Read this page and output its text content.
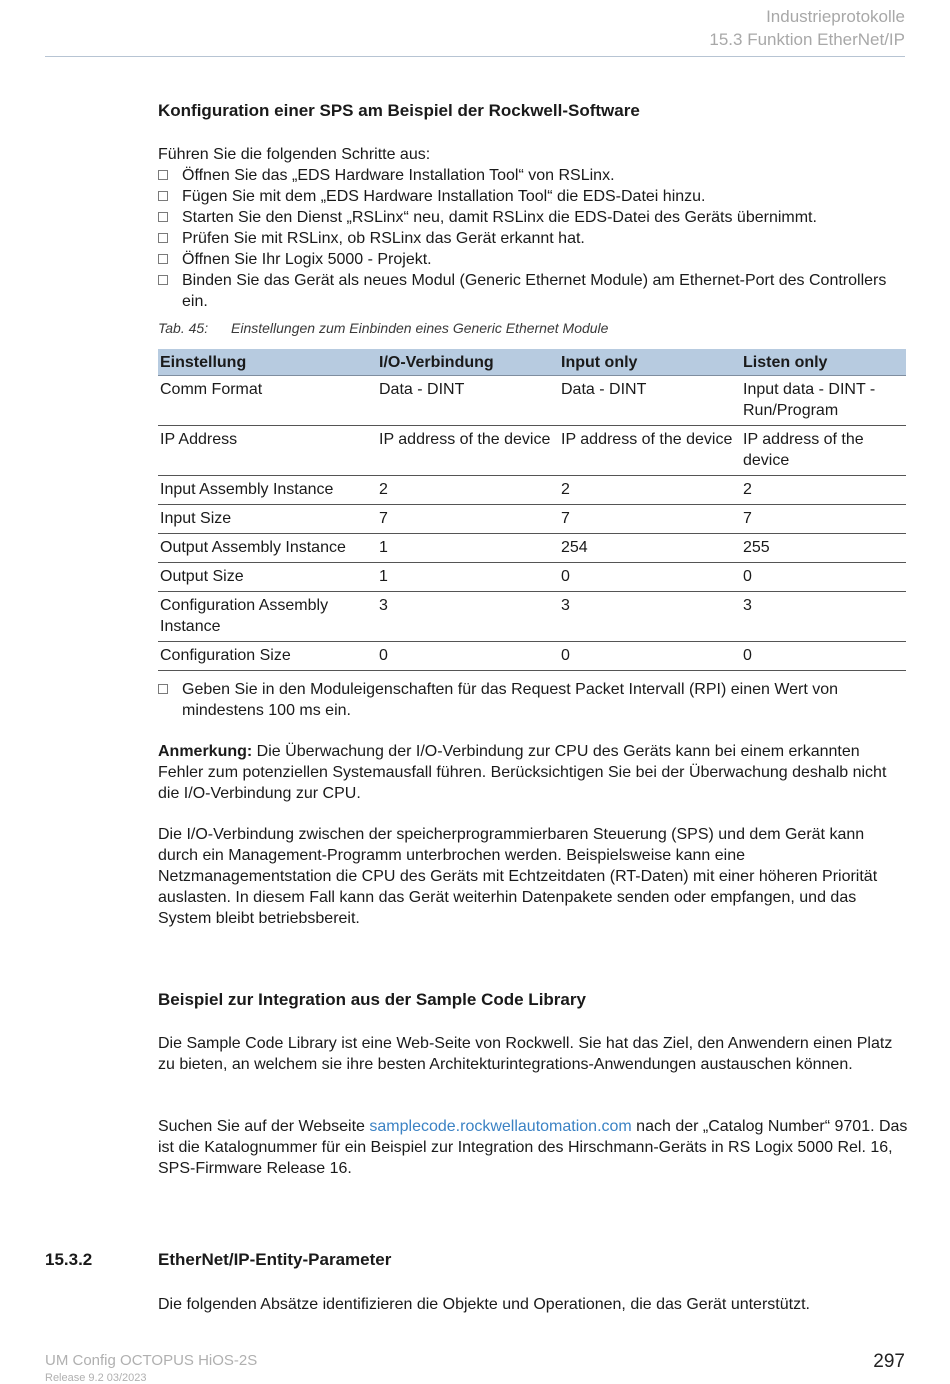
Industrieprotokolle
15.3 Funktion EtherNet/IP
Konfiguration einer SPS am Beispiel der Rockwell-Software

Führen Sie die folgenden Schritte aus:

Öffnen Sie das „EDS Hardware Installation Tool“ von RSLinx.
Fügen Sie mit dem „EDS Hardware Installation Tool“ die EDS-Datei hinzu.
Starten Sie den Dienst „RSLinx“ neu, damit RSLinx die EDS-Datei des Geräts übernimmt.
Prüfen Sie mit RSLinx, ob RSLinx das Gerät erkannt hat.
Öffnen Sie Ihr Logix 5000 - Projekt.
Binden Sie das Gerät als neues Modul (Generic Ethernet Module) am Ethernet-Port des Controllers ein.
Tab. 45: Einstellungen zum Einbinden eines Generic Ethernet Module
Einstellung	I/O-Verbindung	Input only	Listen only
Comm Format	Data - DINT	Data - DINT	Input data - DINT - Run/Program
IP Address	IP address of the device	IP address of the device	IP address of the device
Input Assembly Instance	2	2	2
Input Size	7	7	7
Output Assembly Instance	1	254	255
Output Size	1	0	0
Configuration Assembly Instance	3	3	3
Configuration Size	0	0	0
Geben Sie in den Moduleigenschaften für das Request Packet Intervall (RPI) einen Wert von mindestens 100 ms ein.

Anmerkung: Die Überwachung der I/O-Verbindung zur CPU des Geräts kann bei einem erkannten Fehler zum potenziellen Systemausfall führen. Berücksichtigen Sie bei der Überwachung deshalb nicht die I/O-Verbindung zur CPU.

Die I/O-Verbindung zwischen der speicherprogrammierbaren Steuerung (SPS) und dem Gerät kann durch ein Management-Programm unterbrochen werden. Beispielsweise kann eine Netzmanagementstation die CPU des Geräts mit Echtzeitdaten (RT-Daten) mit einer höheren Priorität auslasten. In diesem Fall kann das Gerät weiterhin Datenpakete senden oder empfangen, und das System bleibt betriebsbereit.

Beispiel zur Integration aus der Sample Code Library

Die Sample Code Library ist eine Web-Seite von Rockwell. Sie hat das Ziel, den Anwendern einen Platz zu bieten, an welchem sie ihre besten Architekturintegrations-Anwendungen austauschen können.

Suchen Sie auf der Webseite samplecode.rockwellautomation.com nach der „Catalog Number“ 9701. Das ist die Katalognummer für ein Beispiel zur Integration des Hirschmann-Geräts in RS Logix 5000 Rel. 16, SPS-Firmware Release 16.

15.3.2	EtherNet/IP-Entity-Parameter

Die folgenden Absätze identifizieren die Objekte und Operationen, die das Gerät unterstützt.

UM Config OCTOPUS HiOS-2S
Release 9.2 03/2023
297
